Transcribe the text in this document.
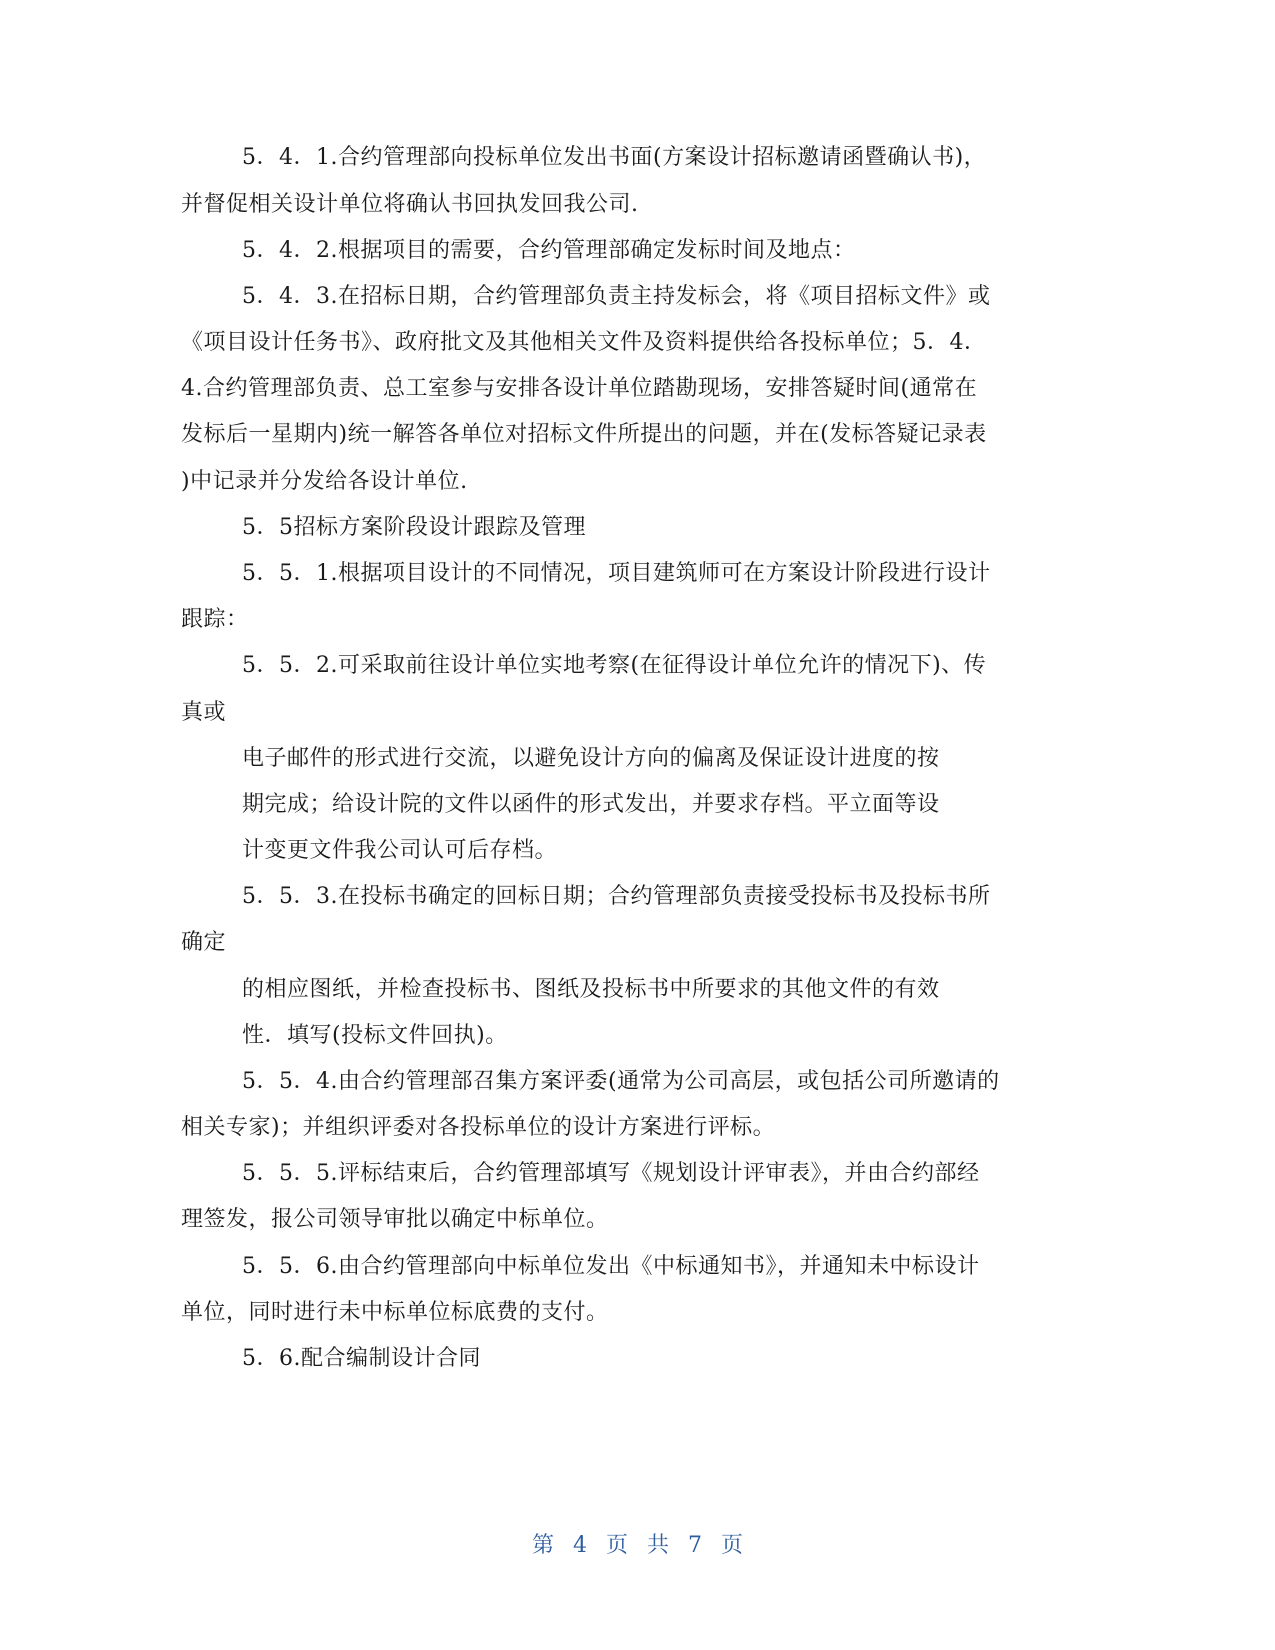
5．4．1.合约管理部向投标单位发出书面(方案设计招标邀请函暨确认书)，
并督促相关设计单位将确认书回执发回我公司.
5．4．2.根据项目的需要，合约管理部确定发标时间及地点：
5．4．3.在招标日期，合约管理部负责主持发标会，将《项目招标文件》或
《项目设计任务书》、政府批文及其他相关文件及资料提供给各投标单位；5．4．
4.合约管理部负责、总工室参与安排各设计单位踏勘现场，安排答疑时间(通常在
发标后一星期内)统一解答各单位对招标文件所提出的问题，并在(发标答疑记录表
)中记录并分发给各设计单位.
5．5招标方案阶段设计跟踪及管理
5．5．1.根据项目设计的不同情况，项目建筑师可在方案设计阶段进行设计
跟踪：
5．5．2.可采取前往设计单位实地考察(在征得设计单位允许的情况下)、传
真或
电子邮件的形式进行交流，以避免设计方向的偏离及保证设计进度的按
期完成；给设计院的文件以函件的形式发出，并要求存档。平立面等设
计变更文件我公司认可后存档。
5．5．3.在投标书确定的回标日期；合约管理部负责接受投标书及投标书所
确定
的相应图纸，并检查投标书、图纸及投标书中所要求的其他文件的有效
性．填写(投标文件回执)。
5．5．4.由合约管理部召集方案评委(通常为公司高层，或包括公司所邀请的
相关专家)；并组织评委对各投标单位的设计方案进行评标。
5．5．5.评标结束后，合约管理部填写《规划设计评审表》，并由合约部经
理签发，报公司领导审批以确定中标单位。
5．5．6.由合约管理部向中标单位发出《中标通知书》，并通知未中标设计
单位，同时进行未中标单位标底费的支付。
5．6.配合编制设计合同
第 4 页 共 7 页
